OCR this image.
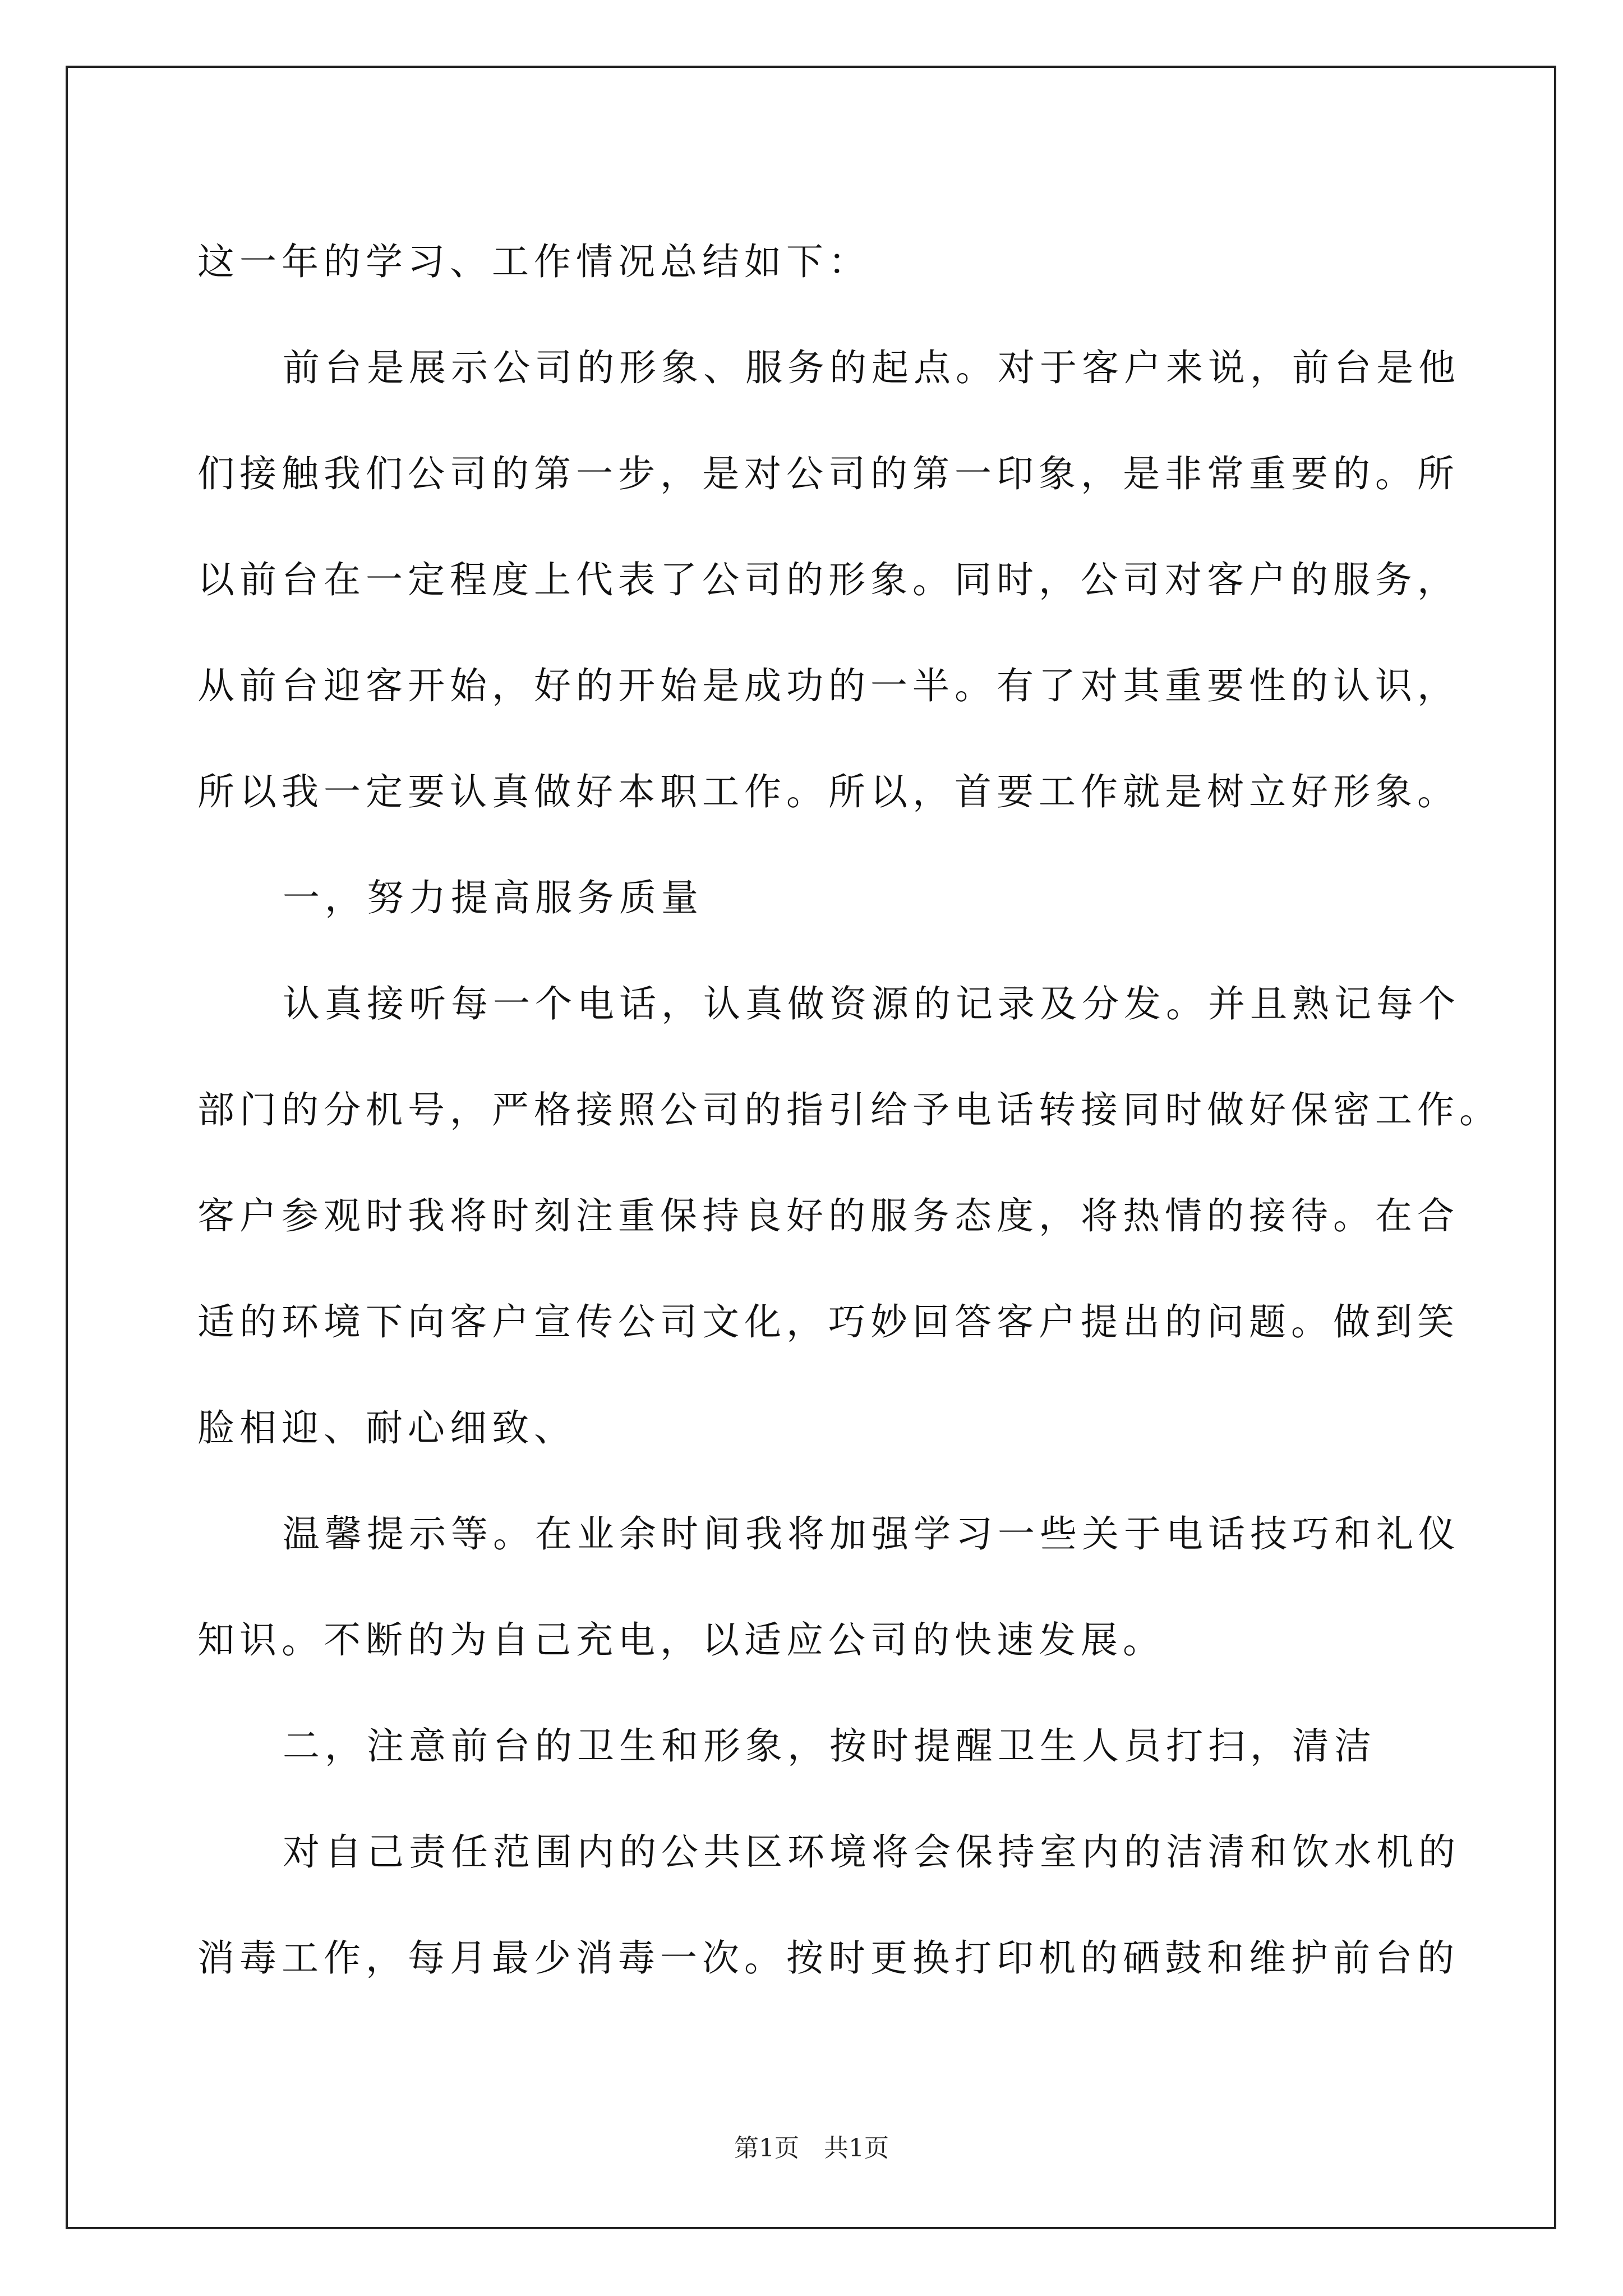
这一年的学习、工作情况总结如下：
前台是展示公司的形象、服务的起点。对于客户来说，前台是他
们接触我们公司的第一步，是对公司的第一印象，是非常重要的。所
以前台在一定程度上代表了公司的形象。同时，公司对客户的服务，
从前台迎客开始，好的开始是成功的一半。有了对其重要性的认识，
所以我一定要认真做好本职工作。所以，首要工作就是树立好形象。
一，努力提高服务质量
认真接听每一个电话，认真做资源的记录及分发。并且熟记每个
部门的分机号，严格接照公司的指引给予电话转接同时做好保密工作。
客户参观时我将时刻注重保持良好的服务态度，将热情的接待。在合
适的环境下向客户宣传公司文化，巧妙回答客户提出的问题。做到笑
脸相迎、耐心细致、
温馨提示等。在业余时间我将加强学习一些关于电话技巧和礼仪
知识。不断的为自己充电，以适应公司的快速发展。
二，注意前台的卫生和形象，按时提醒卫生人员打扫，清洁
对自己责任范围内的公共区环境将会保持室内的洁清和饮水机的
消毒工作，每月最少消毒一次。按时更换打印机的硒鼓和维护前台的
第1页　共1页
